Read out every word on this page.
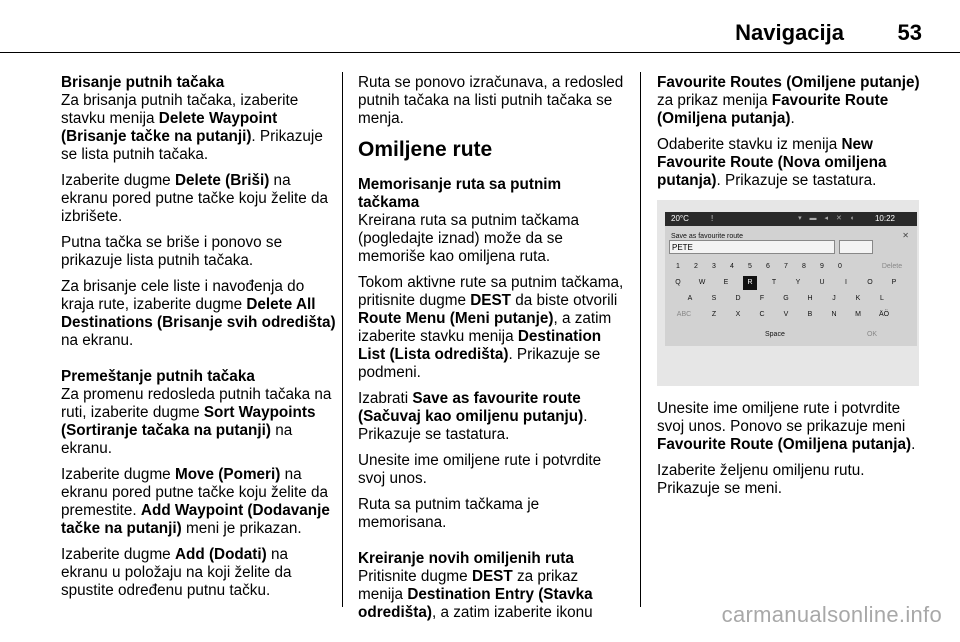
Navigacija 53
Brisanje putnih tačaka

Za brisanja putnih tačaka, izaberite stavku menija Delete Waypoint (Brisanje tačke na putanji). Prikazuje se lista putnih tačaka.

Izaberite dugme Delete (Briši) na ekranu pored putne tačke koju želite da izbrišete.

Putna tačka se briše i ponovo se prikazuje lista putnih tačaka.

Za brisanje cele liste i navođenja do kraja rute, izaberite dugme Delete All Destinations (Brisanje svih odredišta) na ekranu.

Premeštanje putnih tačaka

Za promenu redosleda putnih tačaka na ruti, izaberite dugme Sort Waypoints (Sortiranje tačaka na putanji) na ekranu.

Izaberite dugme Move (Pomeri) na ekranu pored putne tačke koju želite da premestite. Add Waypoint (Dodavanje tačke na putanji) meni je prikazan.

Izaberite dugme Add (Dodati) na ekranu u položaju na koji želite da spustite određenu putnu tačku.

Ruta se ponovo izračunava, a redosled putnih tačaka na listi putnih tačaka se menja.

Omiljene rute
Memorisanje ruta sa putnim tačkama

Kreirana ruta sa putnim tačkama (pogledajte iznad) može da se memoriše kao omiljena ruta.

Tokom aktivne rute sa putnim tačkama, pritisnite dugme DEST da biste otvorili Route Menu (Meni putanje), a zatim izaberite stavku menija Destination List (Lista odredišta). Prikazuje se podmeni.

Izabrati Save as favourite route (Sačuvaj kao omiljenu putanju). Prikazuje se tastatura.

Unesite ime omiljene rute i potvrdite svoj unos.

Ruta sa putnim tačkama je memorisana.

Kreiranje novih omiljenih ruta

Pritisnite dugme DEST za prikaz menija Destination Entry (Stavka odredišta), a zatim izaberite ikonu

Favourite Routes (Omiljene putanje) za prikaz menija Favourite Route (Omiljena putanja).

Odaberite stavku iz menija New Favourite Route (Nova omiljena putanja). Prikazuje se tastatura.

20°C	!	▾ ▬ ◂ ✕ ◖ 10:22
Save as favourite route	✕
PETE
1	2	3	4	5	6	7	8	9	0	Delete
Q	W	E	R	T	Y	U	I	O	P
A	S	D	F	G	H	J	K	L
ABC	Z	X	C	V	B	N	M	ÄÖ
Space	OK

Unesite ime omiljene rute i potvrdite svoj unos. Ponovo se prikazuje meni Favourite Route (Omiljena putanja).

Izaberite željenu omiljenu rutu. Prikazuje se meni.

carmanualsonline.info
